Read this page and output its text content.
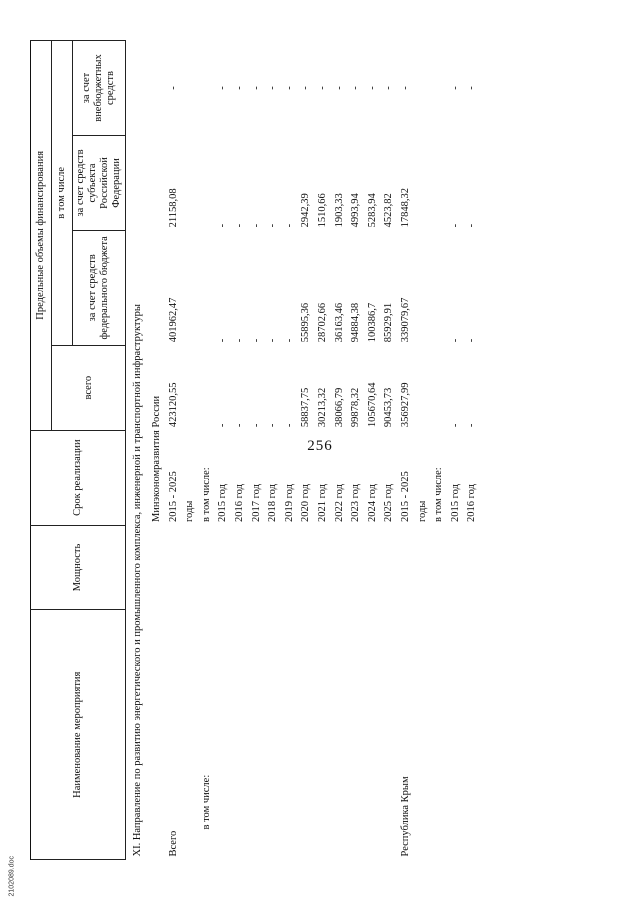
256
2102089.doc
Наименование мероприятия	Мощность	Срок реализации	Предельные объемы финансирования			
			всего	в том числе		
				за счет средств федерального бюджета	за счет средств субъекта Российской Федерации	за счет внебюджетных средств
XI. Направление по развитию энергетического и промышленного комплекса, инженерной и транспортной инфраструктуры						
		Минэкономразвития России				
Всего		2015 - 2025	423120,55	401962,47	21158,08	-
		годы				
в том числе:		в том числе:				
		2015 год	-	-	-	-
		2016 год	-	-	-	-
		2017 год	-	-	-	-
		2018 год	-	-	-	-
		2019 год	-	-	-	-
		2020 год	58837,75	55895,36	2942,39	-
		2021 год	30213,32	28702,66	1510,66	-
		2022 год	38066,79	36163,46	1903,33	-
		2023 год	99878,32	94884,38	4993,94	-
		2024 год	105670,64	100386,7	5283,94	-
		2025 год	90453,73	85929,91	4523,82	-
Республика Крым		2015 - 2025	356927,99	339079,67	17848,32	-
		годы				
		в том числе:				
		2015 год	-	-	-	-
		2016 год	-	-	-	-
